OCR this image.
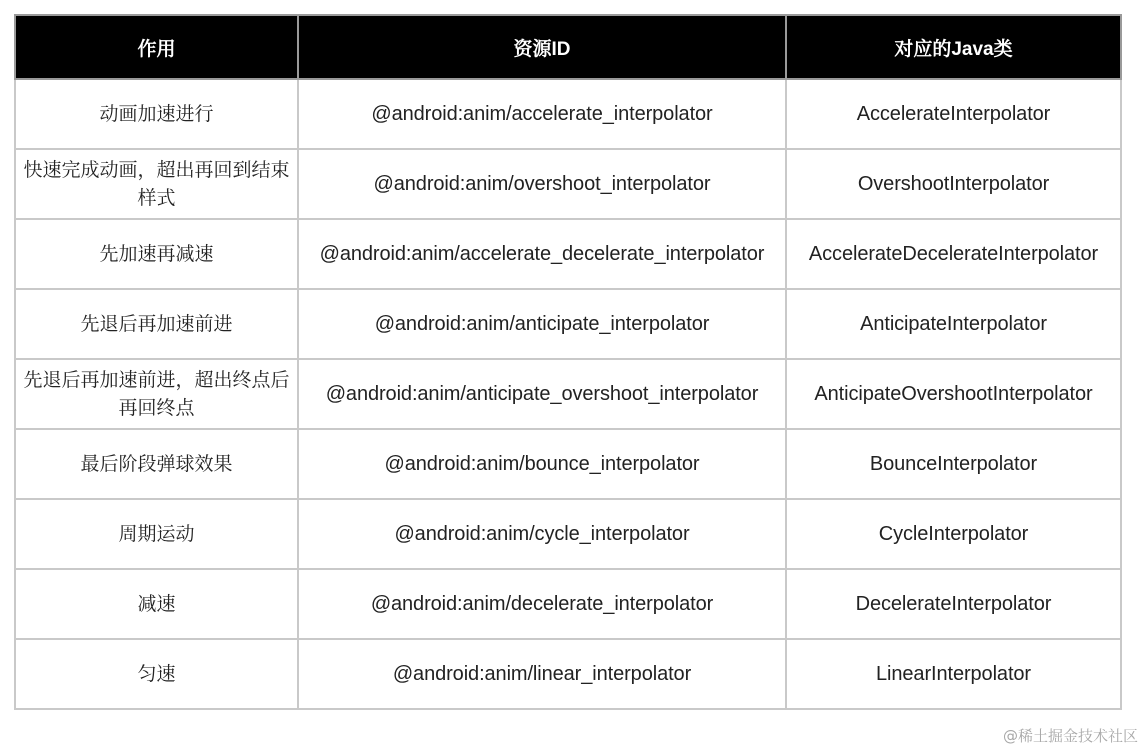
作用	资源ID	对应的Java类
动画加速进行	@android:anim/accelerate_interpolator	AccelerateInterpolator
快速完成动画，超出再回到结束样式	@android:anim/overshoot_interpolator	OvershootInterpolator
先加速再减速	@android:anim/accelerate_decelerate_interpolator	AccelerateDecelerateInterpolator
先退后再加速前进	@android:anim/anticipate_interpolator	AnticipateInterpolator
先退后再加速前进，超出终点后再回终点	@android:anim/anticipate_overshoot_interpolator	AnticipateOvershootInterpolator
最后阶段弹球效果	@android:anim/bounce_interpolator	BounceInterpolator
周期运动	@android:anim/cycle_interpolator	CycleInterpolator
减速	@android:anim/decelerate_interpolator	DecelerateInterpolator
匀速	@android:anim/linear_interpolator	LinearInterpolator
@稀土掘金技术社区
